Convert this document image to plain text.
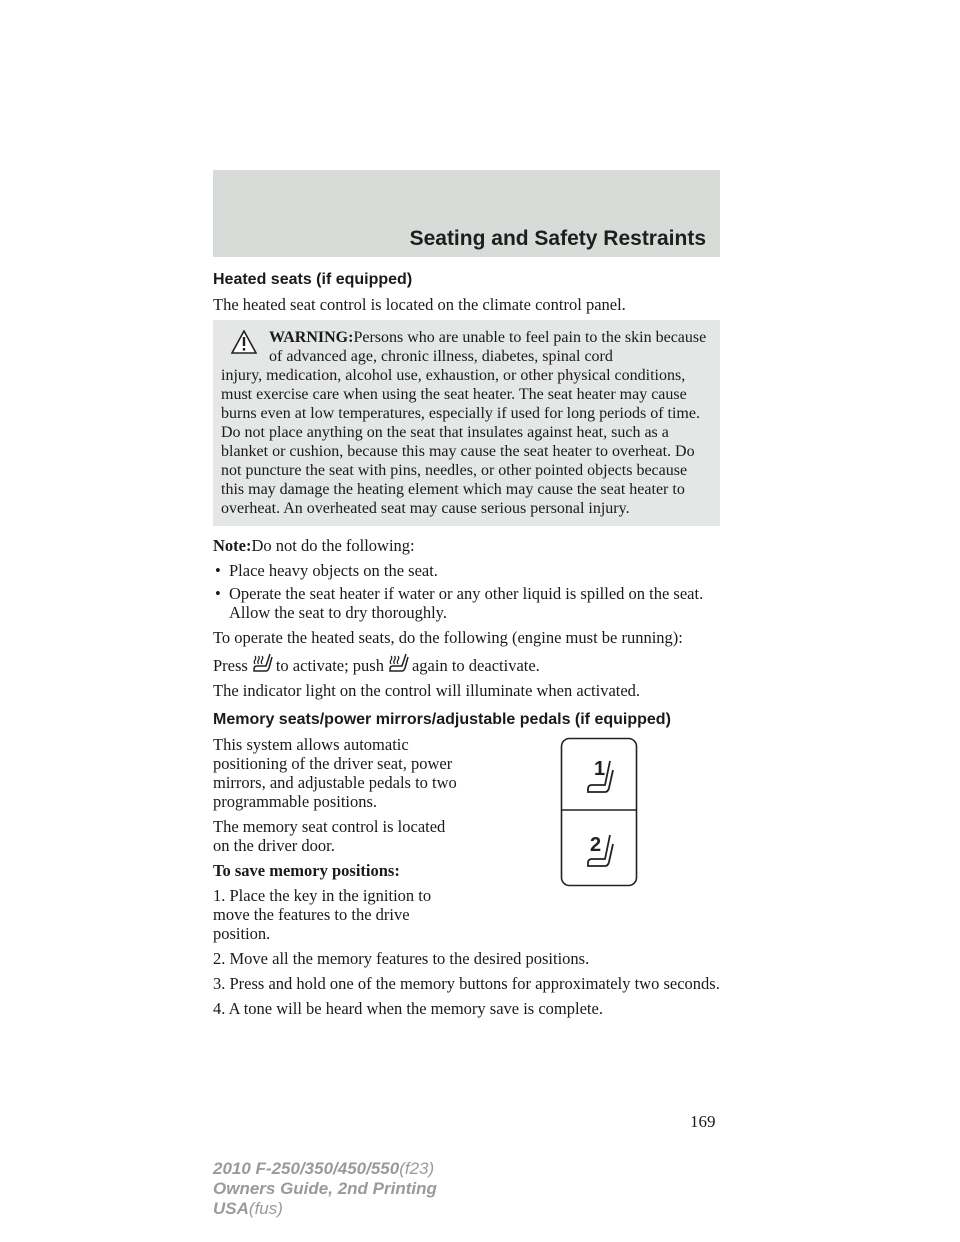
Seating and Safety Restraints
Heated seats (if equipped)

The heated seat control is located on the climate control panel.

WARNING:Persons who are unable to feel pain to the skin because of advanced age, chronic illness, diabetes, spinal cord
injury, medication, alcohol use, exhaustion, or other physical conditions, must exercise care when using the seat heater. The seat heater may cause burns even at low temperatures, especially if used for long periods of time. Do not place anything on the seat that insulates against heat, such as a blanket or cushion, because this may cause the seat heater to overheat. Do not puncture the seat with pins, needles, or other pointed objects because this may damage the heating element which may cause the seat heater to overheat. An overheated seat may cause serious personal injury.

Note:Do not do the following:

• Place heavy objects on the seat.
• Operate the seat heater if water or any other liquid is spilled on the seat. Allow the seat to dry thoroughly.

To operate the heated seats, do the following (engine must be running):

Press to activate; push again to deactivate.

The indicator light on the control will illuminate when activated.

Memory seats/power mirrors/adjustable pedals (if equipped)

This system allows automatic positioning of the driver seat, power mirrors, and adjustable pedals to two programmable positions.

The memory seat control is located on the driver door.

To save memory positions:

1. Place the key in the ignition to move the features to the drive position.

1
2

2. Move all the memory features to the desired positions.

3. Press and hold one of the memory buttons for approximately two seconds.

4. A tone will be heard when the memory save is complete.

169
2010 F-250/350/450/550(f23)
Owners Guide, 2nd Printing
USA(fus)
